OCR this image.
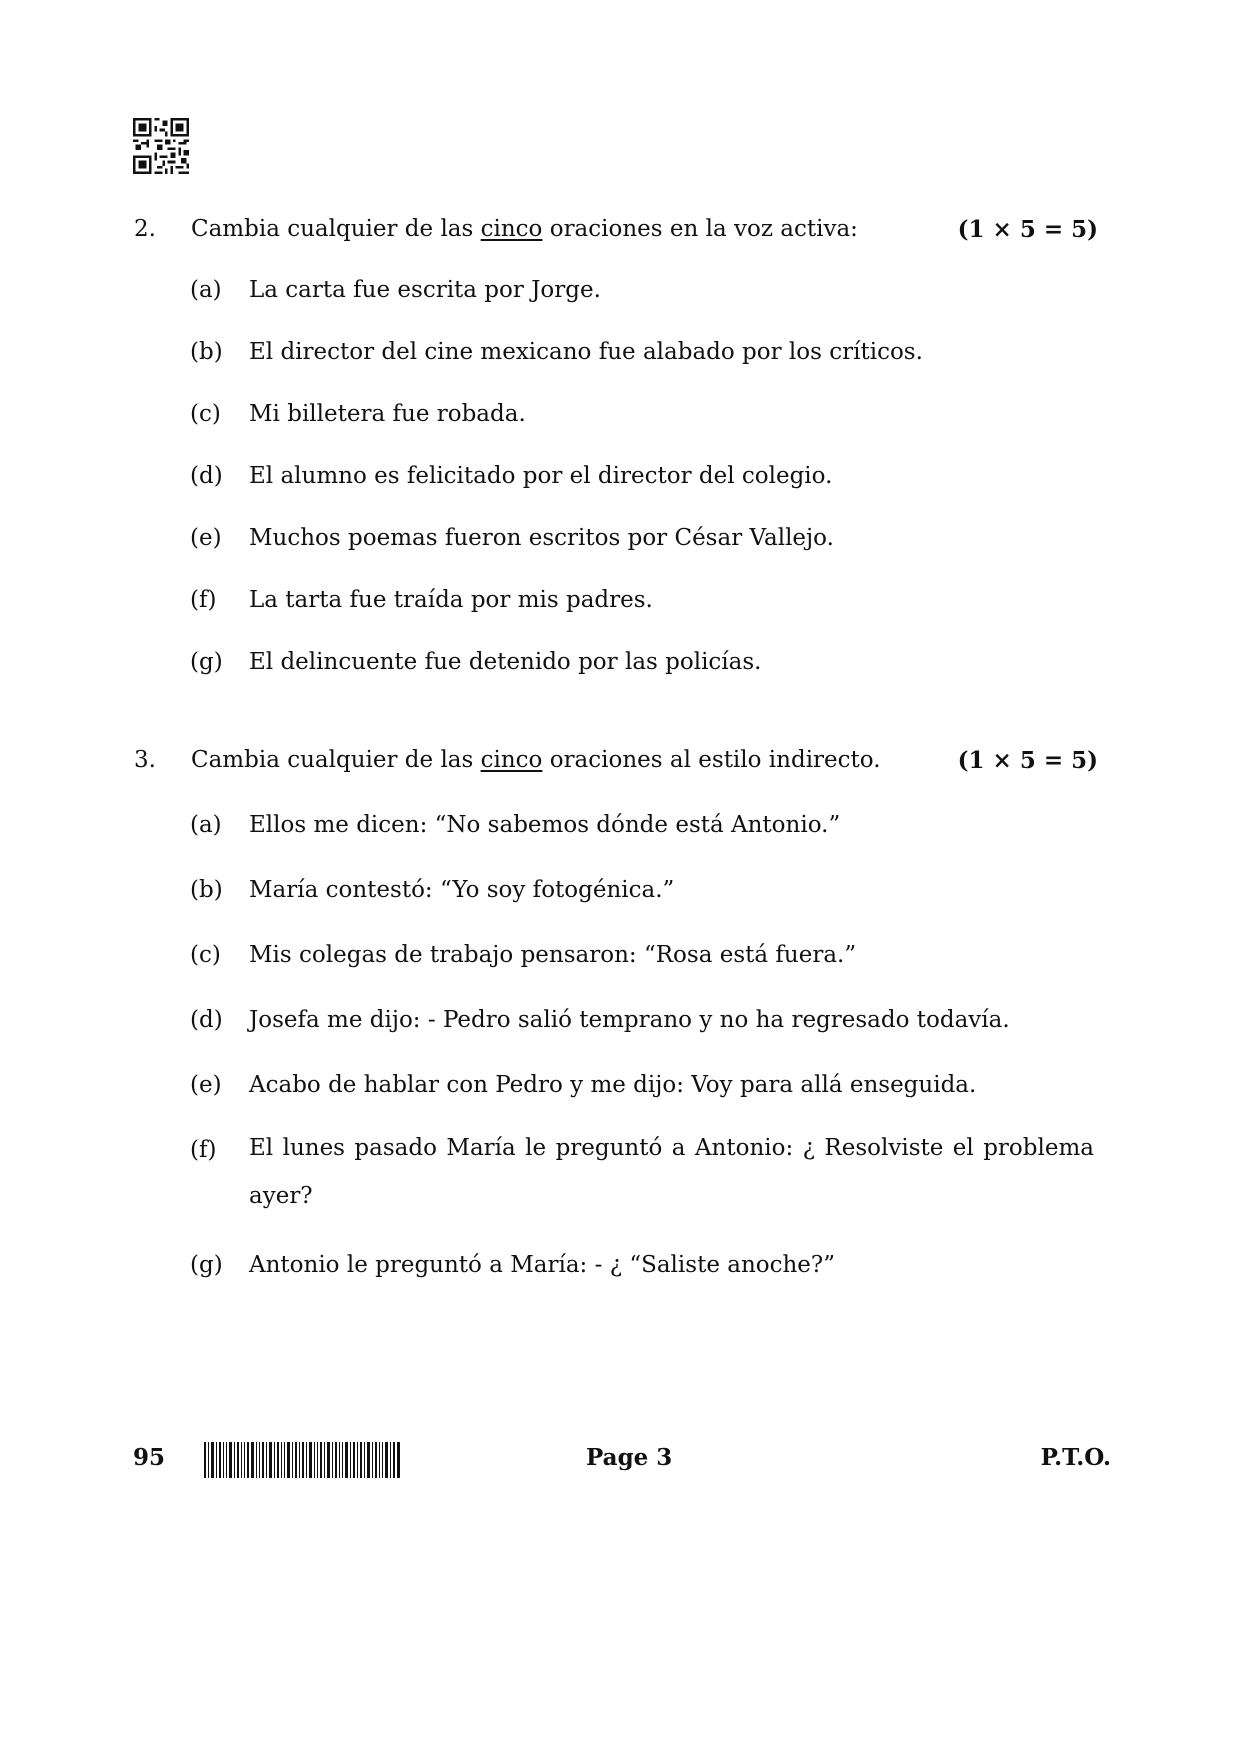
2. Cambia cualquier de las cinco oraciones en la voz activa:	(1 × 5 = 5)
(a) La carta fue escrita por Jorge.
(b) El director del cine mexicano fue alabado por los críticos.
(c) Mi billetera fue robada.
(d) El alumno es felicitado por el director del colegio.
(e) Muchos poemas fueron escritos por César Vallejo.
(f) La tarta fue traída por mis padres.
(g) El delincuente fue detenido por las policías.
3. Cambia cualquier de las cinco oraciones al estilo indirecto.	(1 × 5 = 5)
(a) Ellos me dicen: “No sabemos dónde está Antonio.”
(b) María contestó: “Yo soy fotogénica.”
(c) Mis colegas de trabajo pensaron: “Rosa está fuera.”
(d) Josefa me dijo: - Pedro salió temprano y no ha regresado todavía.
(e) Acabo de hablar con Pedro y me dijo: Voy para allá enseguida.
(f) El lunes pasado María le preguntó a Antonio: ¿ Resolviste el problema ayer?
(g) Antonio le preguntó a María: - ¿ “Saliste anoche?”
95	Page 3	P.T.O.
